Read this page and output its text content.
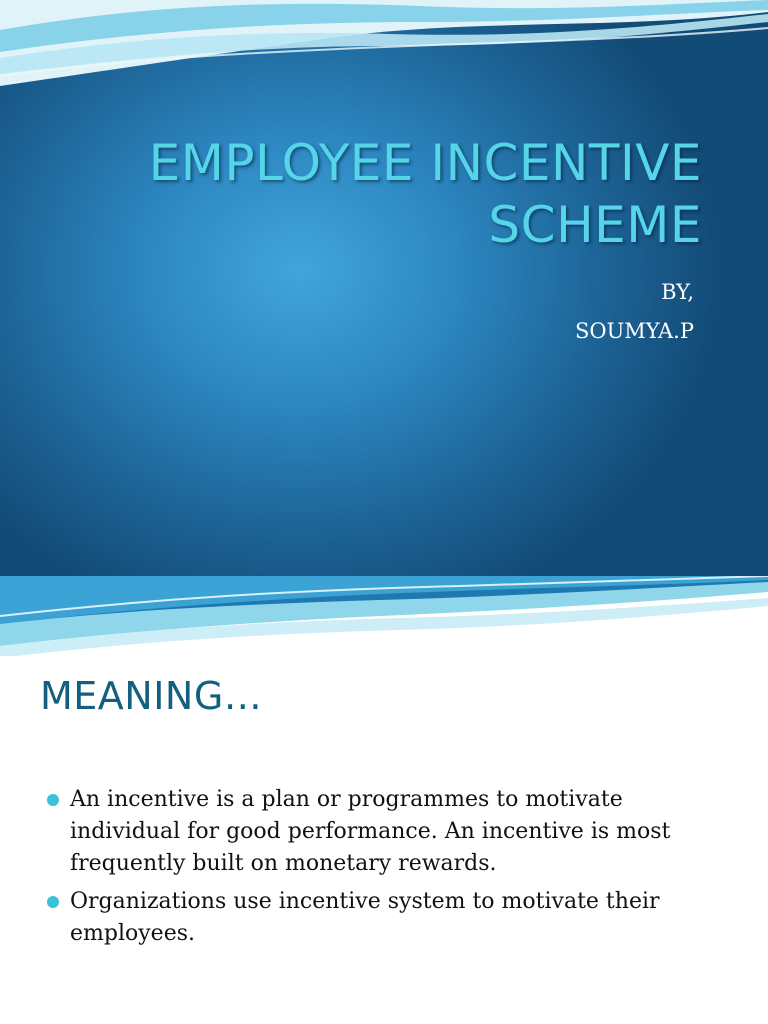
EMPLOYEE INCENTIVE
SCHEME
BY,
SOUMYA.P
MEANING…
An incentive is a plan or programmes to motivate individual for good performance. An incentive is most frequently built on monetary rewards.
Organizations use incentive system to motivate their employees.
